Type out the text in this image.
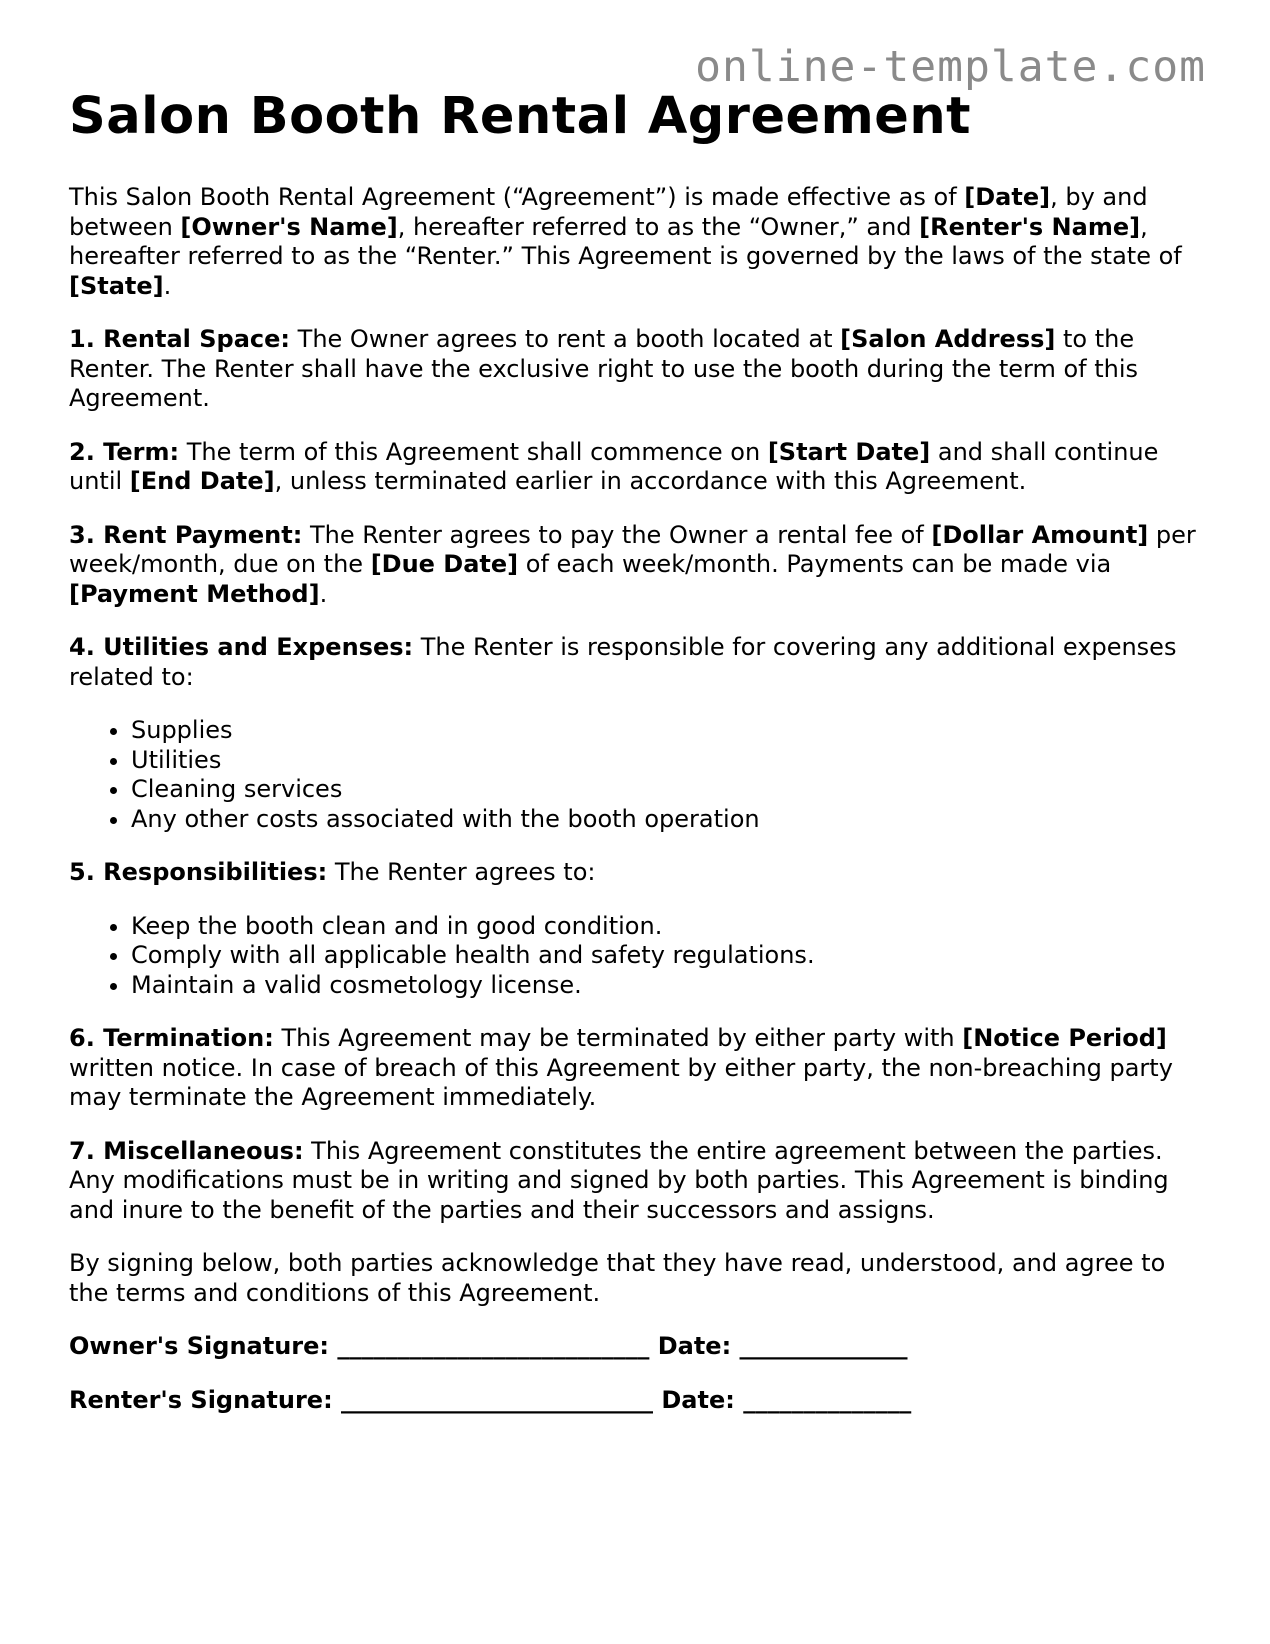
online-template.com
Salon Booth Rental Agreement

This Salon Booth Rental Agreement (“Agreement”) is made effective as of [Date], by and between [Owner's Name], hereafter referred to as the “Owner,” and [Renter's Name], hereafter referred to as the “Renter.” This Agreement is governed by the laws of the state of [State].

1. Rental Space: The Owner agrees to rent a booth located at [Salon Address] to the Renter. The Renter shall have the exclusive right to use the booth during the term of this Agreement.

2. Term: The term of this Agreement shall commence on [Start Date] and shall continue until [End Date], unless terminated earlier in accordance with this Agreement.

3. Rent Payment: The Renter agrees to pay the Owner a rental fee of [Dollar Amount] per week/month, due on the [Due Date] of each week/month. Payments can be made via [Payment Method].

4. Utilities and Expenses: The Renter is responsible for covering any additional expenses related to:

• Supplies
• Utilities
• Cleaning services
• Any other costs associated with the booth operation

5. Responsibilities: The Renter agrees to:

• Keep the booth clean and in good condition.
• Comply with all applicable health and safety regulations.
• Maintain a valid cosmetology license.

6. Termination: This Agreement may be terminated by either party with [Notice Period] written notice. In case of breach of this Agreement by either party, the non-breaching party may terminate the Agreement immediately.

7. Miscellaneous: This Agreement constitutes the entire agreement between the parties. Any modifications must be in writing and signed by both parties. This Agreement is binding and inure to the benefit of the parties and their successors and assigns.

By signing below, both parties acknowledge that they have read, understood, and agree to the terms and conditions of this Agreement.

Owner's Signature: __________________________ Date: ______________
Renter's Signature: __________________________ Date: ______________
